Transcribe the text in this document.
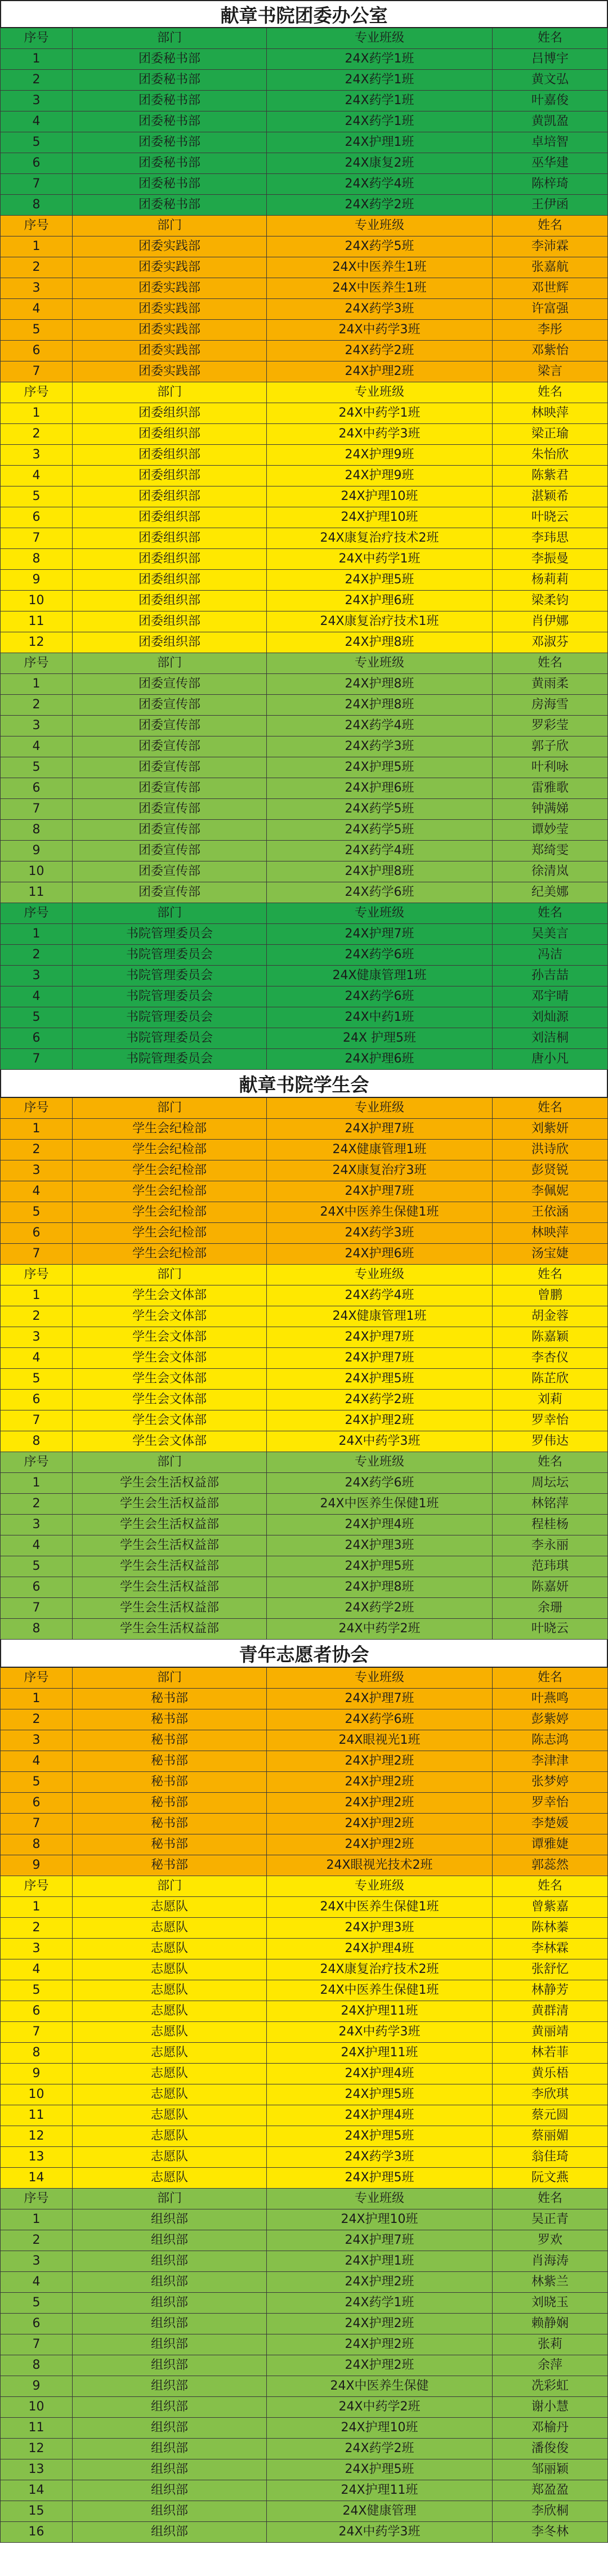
献章书院团委办公室
序号	部门	专业班级	姓名
1	团委秘书部	24X药学1班	吕博宇
2	团委秘书部	24X药学1班	黄文弘
3	团委秘书部	24X药学1班	叶嘉俊
4	团委秘书部	24X药学1班	黄凯盈
5	团委秘书部	24X护理1班	卓培智
6	团委秘书部	24X康复2班	巫华建
7	团委秘书部	24X药学4班	陈梓琦
8	团委秘书部	24X药学2班	王伊函
序号	部门	专业班级	姓名
1	团委实践部	24X药学5班	李沛霖
2	团委实践部	24X中医养生1班	张嘉航
3	团委实践部	24X中医养生1班	邓世辉
4	团委实践部	24X药学3班	许富强
5	团委实践部	24X中药学3班	李彤
6	团委实践部	24X药学2班	邓紫怡
7	团委实践部	24X护理2班	梁言
序号	部门	专业班级	姓名
1	团委组织部	24X中药学1班	林映萍
2	团委组织部	24X中药学3班	梁正瑜
3	团委组织部	24X护理9班	朱怡欣
4	团委组织部	24X护理9班	陈紫君
5	团委组织部	24X护理10班	湛颖希
6	团委组织部	24X护理10班	叶晓云
7	团委组织部	24X康复治疗技术2班	李玮思
8	团委组织部	24X中药学1班	李振曼
9	团委组织部	24X护理5班	杨莉莉
10	团委组织部	24X护理6班	梁柔钧
11	团委组织部	24X康复治疗技术1班	肖伊娜
12	团委组织部	24X护理8班	邓淑芬
序号	部门	专业班级	姓名
1	团委宣传部	24X护理8班	黄雨柔
2	团委宣传部	24X护理8班	房海雪
3	团委宣传部	24X药学4班	罗彩莹
4	团委宣传部	24X药学3班	郭子欣
5	团委宣传部	24X护理5班	叶利咏
6	团委宣传部	24X护理6班	雷雅歌
7	团委宣传部	24X药学5班	钟满娣
8	团委宣传部	24X药学5班	谭妙莹
9	团委宣传部	24X药学4班	郑绮雯
10	团委宣传部	24X护理8班	徐清岚
11	团委宣传部	24X药学6班	纪美娜
序号	部门	专业班级	姓名
1	书院管理委员会	24X护理7班	吴美言
2	书院管理委员会	24X药学6班	冯洁
3	书院管理委员会	24X健康管理1班	孙吉喆
4	书院管理委员会	24X药学6班	邓宇晴
5	书院管理委员会	24X中药1班	刘灿源
6	书院管理委员会	24X 护理5班	刘洁桐
7	书院管理委员会	24X护理6班	唐小凡
献章书院学生会
序号	部门	专业班级	姓名
1	学生会纪检部	24X护理7班	刘紫妍
2	学生会纪检部	24X健康管理1班	洪诗欣
3	学生会纪检部	24X康复治疗3班	彭贤锐
4	学生会纪检部	24X护理7班	李佩妮
5	学生会纪检部	24X中医养生保健1班	王依涵
6	学生会纪检部	24X药学3班	林映萍
7	学生会纪检部	24X护理6班	汤宝婕
序号	部门	专业班级	姓名
1	学生会文体部	24X药学4班	曾鹏
2	学生会文体部	24X健康管理1班	胡金蓉
3	学生会文体部	24X护理7班	陈嘉颖
4	学生会文体部	24X护理7班	李杏仪
5	学生会文体部	24X护理5班	陈芷欣
6	学生会文体部	24X药学2班	刘莉
7	学生会文体部	24X护理2班	罗幸怡
8	学生会文体部	24X中药学3班	罗伟达
序号	部门	专业班级	姓名
1	学生会生活权益部	24X药学6班	周坛坛
2	学生会生活权益部	24X中医养生保健1班	林铭萍
3	学生会生活权益部	24X护理4班	程桂杨
4	学生会生活权益部	24X护理3班	李永丽
5	学生会生活权益部	24X护理5班	范玮琪
6	学生会生活权益部	24X护理8班	陈嘉妍
7	学生会生活权益部	24X药学2班	余珊
8	学生会生活权益部	24X中药学2班	叶晓云
青年志愿者协会
序号	部门	专业班级	姓名
1	秘书部	24X护理7班	叶燕鸣
2	秘书部	24X药学6班	彭紫婷
3	秘书部	24X眼视光1班	陈志鸿
4	秘书部	24X护理2班	李津津
5	秘书部	24X护理2班	张梦婷
6	秘书部	24X护理2班	罗幸怡
7	秘书部	24X护理2班	李楚媛
8	秘书部	24X护理2班	谭雅婕
9	秘书部	24X眼视光技术2班	郭蕊然
序号	部门	专业班级	姓名
1	志愿队	24X中医养生保健1班	曾紫嘉
2	志愿队	24X护理3班	陈林蓁
3	志愿队	24X护理4班	李林霖
4	志愿队	24X康复治疗技术2班	张舒忆
5	志愿队	24X中医养生保健1班	林静芳
6	志愿队	24X护理11班	黄群清
7	志愿队	24X中药学3班	黄丽靖
8	志愿队	24X护理11班	林若菲
9	志愿队	24X护理4班	黄乐梧
10	志愿队	24X护理5班	李欣琪
11	志愿队	24X护理4班	蔡元圆
12	志愿队	24X护理5班	蔡丽媚
13	志愿队	24X药学3班	翁佳琦
14	志愿队	24X护理5班	阮文燕
序号	部门	专业班级	姓名
1	组织部	24X护理10班	吴正青
2	组织部	24X护理7班	罗欢
3	组织部	24X护理1班	肖海涛
4	组织部	24X护理2班	林紫兰
5	组织部	24X药学1班	刘晓玉
6	组织部	24X护理2班	赖静娴
7	组织部	24X护理2班	张莉
8	组织部	24X护理2班	余萍
9	组织部	24X中医养生保健	冼彩虹
10	组织部	24X中药学2班	谢小慧
11	组织部	24X护理10班	邓榆丹
12	组织部	24X药学2班	潘俊俊
13	组织部	24X护理5班	邹丽颖
14	组织部	24X护理11班	郑盈盈
15	组织部	24X健康管理	李欣桐
16	组织部	24X中药学3班	李冬林
